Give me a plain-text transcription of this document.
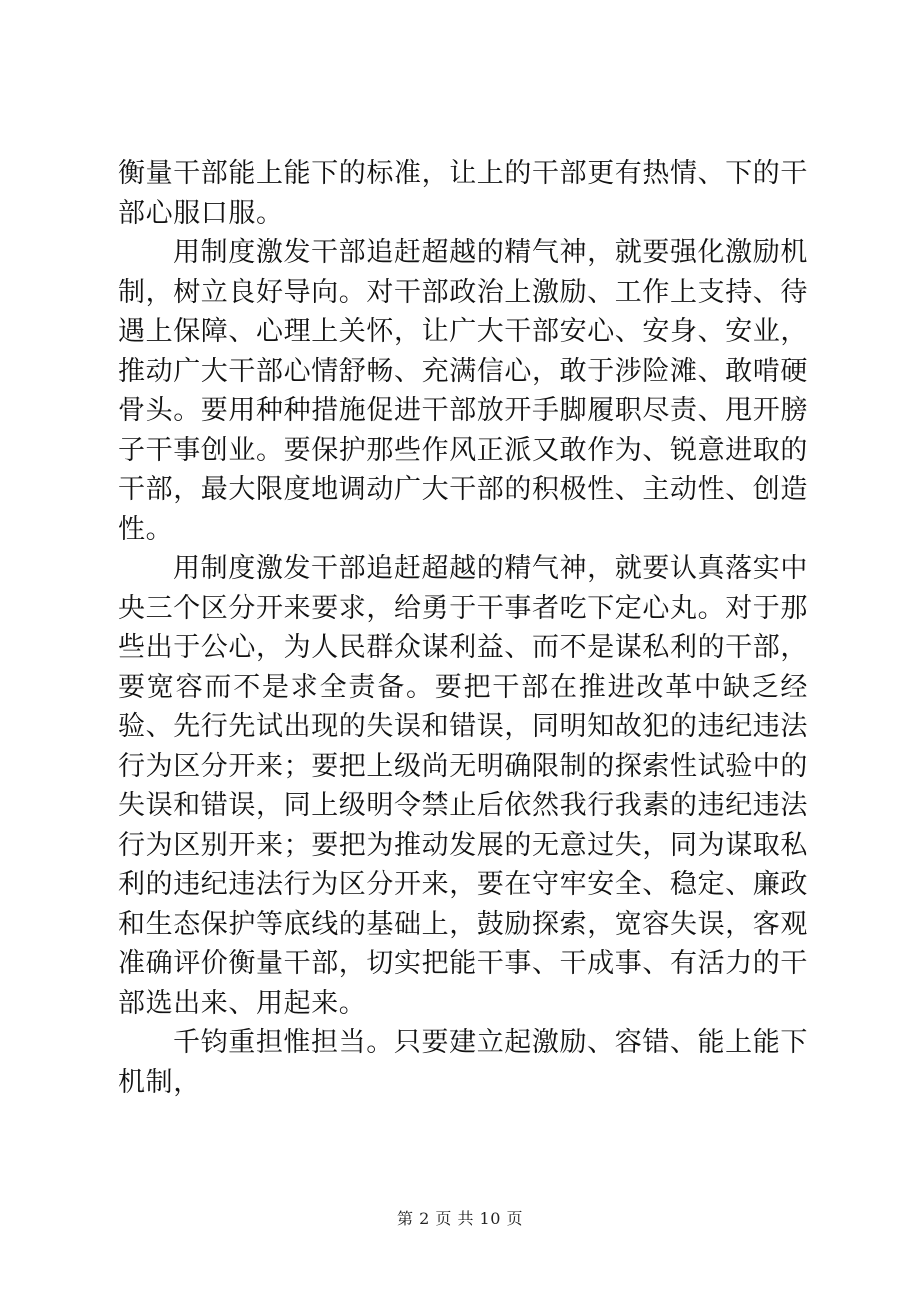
衡量干部能上能下的标准，让上的干部更有热情、下的干部心服口服。

用制度激发干部追赶超越的精气神，就要强化激励机制，树立良好导向。对干部政治上激励、工作上支持、待遇上保障、心理上关怀，让广大干部安心、安身、安业，推动广大干部心情舒畅、充满信心，敢于涉险滩、敢啃硬骨头。要用种种措施促进干部放开手脚履职尽责、甩开膀子干事创业。要保护那些作风正派又敢作为、锐意进取的干部，最大限度地调动广大干部的积极性、主动性、创造性。

用制度激发干部追赶超越的精气神，就要认真落实中央三个区分开来要求，给勇于干事者吃下定心丸。对于那些出于公心，为人民群众谋利益、而不是谋私利的干部，要宽容而不是求全责备。要把干部在推进改革中缺乏经验、先行先试出现的失误和错误，同明知故犯的违纪违法行为区分开来；要把上级尚无明确限制的探索性试验中的失误和错误，同上级明令禁止后依然我行我素的违纪违法行为区别开来；要把为推动发展的无意过失，同为谋取私利的违纪违法行为区分开来，要在守牢安全、稳定、廉政和生态保护等底线的基础上，鼓励探索，宽容失误，客观准确评价衡量干部，切实把能干事、干成事、有活力的干部选出来、用起来。

千钧重担惟担当。只要建立起激励、容错、能上能下机制，

第 2 页 共 10 页
